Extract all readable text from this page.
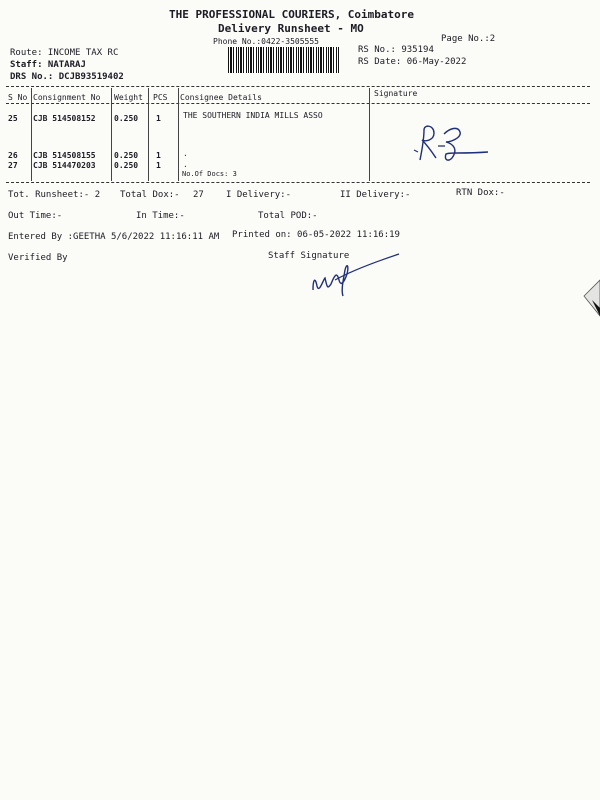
THE PROFESSIONAL COURIERS, Coimbatore
Delivery Runsheet - MO
Phone No.:0422-3505555	Page No.:2
Route: INCOME TAX RC
Staff: NATARAJ
DRS No.: DCJB93519402
RS No.: 935194
RS Date: 06-May-2022
S No Consignment No Weight PCS Consignee Details	Signature
25 CJB 514508152 0.250 1	THE SOUTHERN INDIA MILLS ASSO
26 CJB 514508155 0.250 1	.
27 CJB 514470203 0.250 1	.
No.Of Docs: 3
Tot. Runsheet:- 2 Total Dox:- 27 I Delivery:-	II Delivery:-	RTN Dox:-
Out Time:-	In Time:-	Total POD:-
Entered By :GEETHA 5/6/2022 11:16:11 AM Printed on: 06-05-2022 11:16:19
Verified By	Staff Signature
